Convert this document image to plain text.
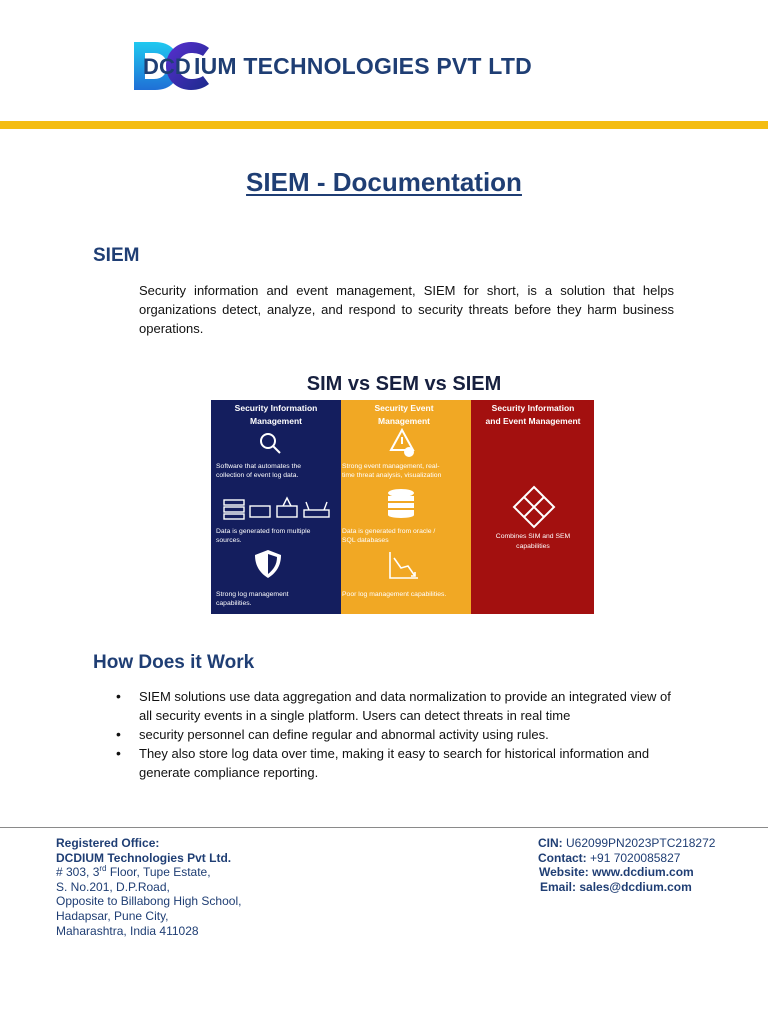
D CD IUM TECHNOLOGIES PVT LTD
SIEM - Documentation
SIEM
Security information and event management, SIEM for short, is a solution that helps organizations detect, analyze, and respond to security threats before they harm business operations.
SIM vs SEM vs SIEM
Security Information
Management
Security Event
Management
Security Information
and Event Management
Software that automates the
collection of event log data.
Data is generated from multiple
sources.
Strong log management
capabilities.
Strong event management, real-
time threat analysis, visualization
Data is generated from oracle /
SQL databases
Poor log management capabilities.
Combines SIM and SEM
capabilities
How Does it Work
• SIEM solutions use data aggregation and data normalization to provide an integrated view of all security events in a single platform. Users can detect threats in real time
• security personnel can define regular and abnormal activity using rules.
• They also store log data over time, making it easy to search for historical information and generate compliance reporting.
Registered Office:
DCDIUM Technologies Pvt Ltd.
# 303, 3rd Floor, Tupe Estate,
S. No.201, D.P.Road,
Opposite to Billabong High School,
Hadapsar, Pune City,
Maharashtra, India 411028
CIN: U62099PN2023PTC218272
Contact: +91 7020085827
Website: www.dcdium.com
Email: sales@dcdium.com
